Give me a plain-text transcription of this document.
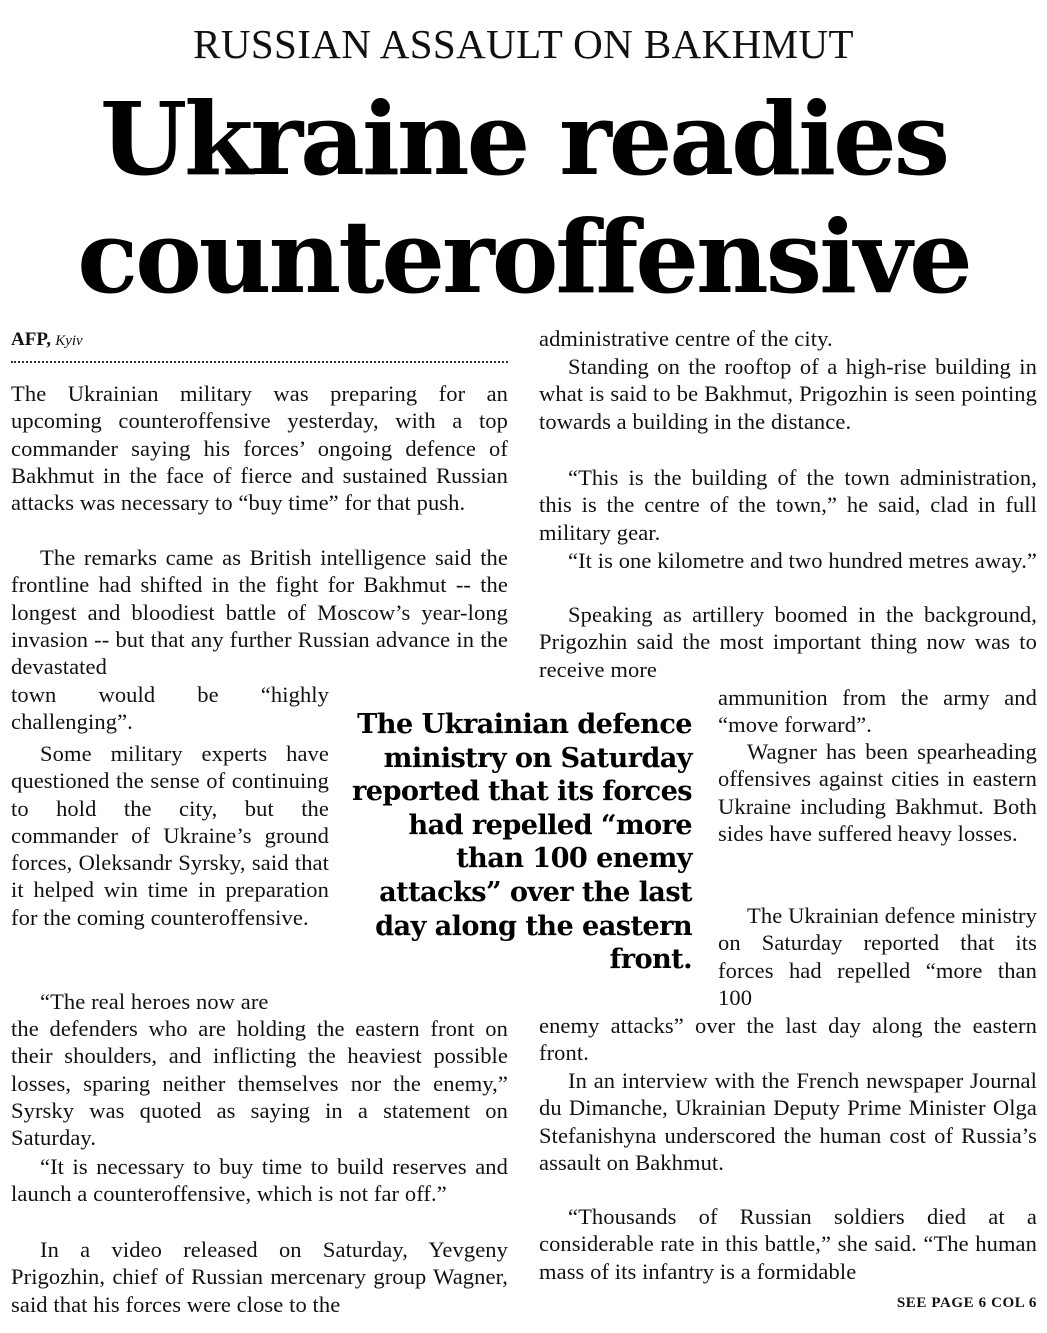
RUSSIAN ASSAULT ON BAKHMUT
Ukraine readies
counteroffensive
AFP, Kyiv

The Ukrainian military was preparing for an upcoming counteroffensive yesterday, with a top commander saying his forces’ ongoing defence of Bakhmut in the face of fierce and sustained Russian attacks was necessary to “buy time” for that push.

The remarks came as British intelligence said the frontline had shifted in the fight for Bakhmut -- the longest and bloodiest battle of Moscow’s year-long invasion -- but that any further Russian advance in the devastated

town would be “highly challenging”.

Some military experts have questioned the sense of continuing to hold the city, but the commander of Ukraine’s ground forces, Oleksandr Syrsky, said that it helped win time in preparation for the coming counteroffensive.

“The real heroes now are

the defenders who are holding the eastern front on their shoulders, and inflicting the heaviest possible losses, sparing neither themselves nor the enemy,” Syrsky was quoted as saying in a statement on Saturday.

“It is necessary to buy time to build reserves and launch a counteroffensive, which is not far off.”

In a video released on Saturday, Yevgeny Prigozhin, chief of Russian mercenary group Wagner, said that his forces were close to the

The Ukrainian defence ministry on Saturday reported that its forces had repelled “more than 100 enemy attacks” over the last day along the eastern front.

administrative centre of the city.

Standing on the rooftop of a high-rise building in what is said to be Bakhmut, Prigozhin is seen pointing towards a building in the distance.

“This is the building of the town administration, this is the centre of the town,” he said, clad in full military gear.

“It is one kilometre and two hundred metres away.”

Speaking as artillery boomed in the background, Prigozhin said the most important thing now was to receive more

ammunition from the army and “move forward”.

Wagner has been spearheading offensives against cities in eastern Ukraine including Bakhmut. Both sides have suffered heavy losses.

The Ukrainian defence ministry on Saturday reported that its forces had repelled “more than 100

enemy attacks” over the last day along the eastern front.

In an interview with the French newspaper Journal du Dimanche, Ukrainian Deputy Prime Minister Olga Stefanishyna underscored the human cost of Russia’s assault on Bakhmut.

“Thousands of Russian soldiers died at a considerable rate in this battle,” she said. “The human mass of its infantry is a formidable

SEE PAGE 6 COL 6
